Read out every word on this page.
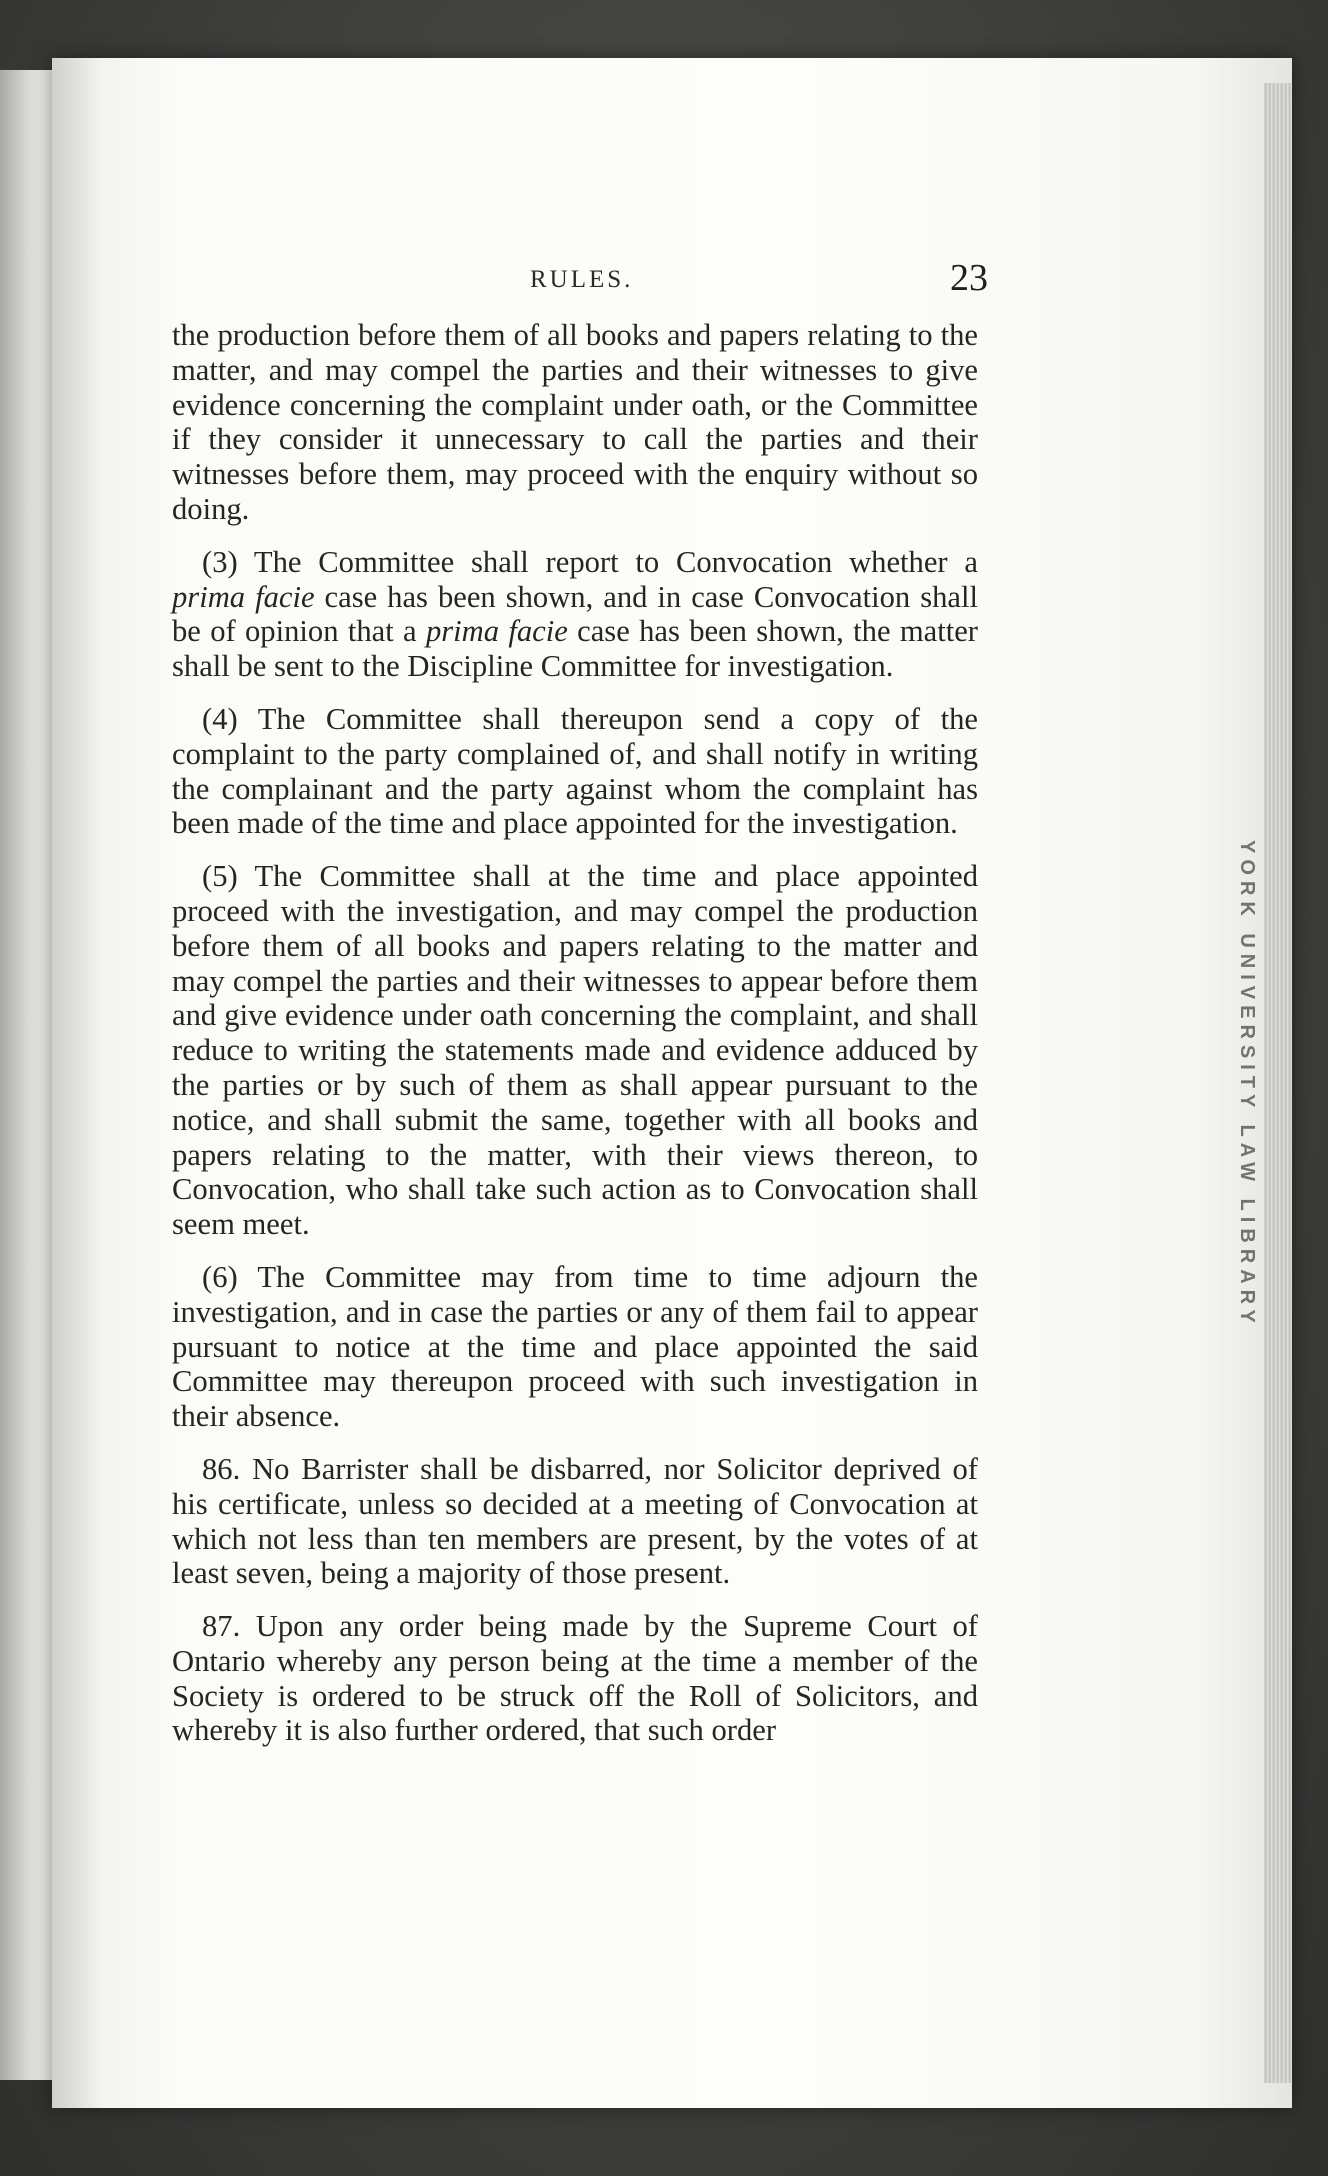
YORK UNIVERSITY LAW LIBRARY
RULES.	23

the production before them of all books and papers relating to the matter, and may compel the parties and their witnesses to give evidence concerning the complaint under oath, or the Committee if they consider it unnecessary to call the parties and their witnesses before them, may proceed with the enquiry without so doing.

(3) The Committee shall report to Convocation whether a prima facie case has been shown, and in case Convocation shall be of opinion that a prima facie case has been shown, the matter shall be sent to the Discipline Committee for investigation.

(4) The Committee shall thereupon send a copy of the complaint to the party complained of, and shall notify in writing the complainant and the party against whom the complaint has been made of the time and place appointed for the investigation.

(5) The Committee shall at the time and place appointed proceed with the investigation, and may compel the production before them of all books and papers relating to the matter and may compel the parties and their witnesses to appear before them and give evidence under oath concerning the complaint, and shall reduce to writing the statements made and evidence adduced by the parties or by such of them as shall appear pursuant to the notice, and shall submit the same, together with all books and papers relating to the matter, with their views thereon, to Convocation, who shall take such action as to Convocation shall seem meet.

(6) The Committee may from time to time adjourn the investigation, and in case the parties or any of them fail to appear pursuant to notice at the time and place appointed the said Committee may thereupon proceed with such investigation in their absence.

86. No Barrister shall be disbarred, nor Solicitor deprived of his certificate, unless so decided at a meeting of Convocation at which not less than ten members are present, by the votes of at least seven, being a majority of those present.

87. Upon any order being made by the Supreme Court of Ontario whereby any person being at the time a member of the Society is ordered to be struck off the Roll of Solicitors, and whereby it is also further ordered, that such order
